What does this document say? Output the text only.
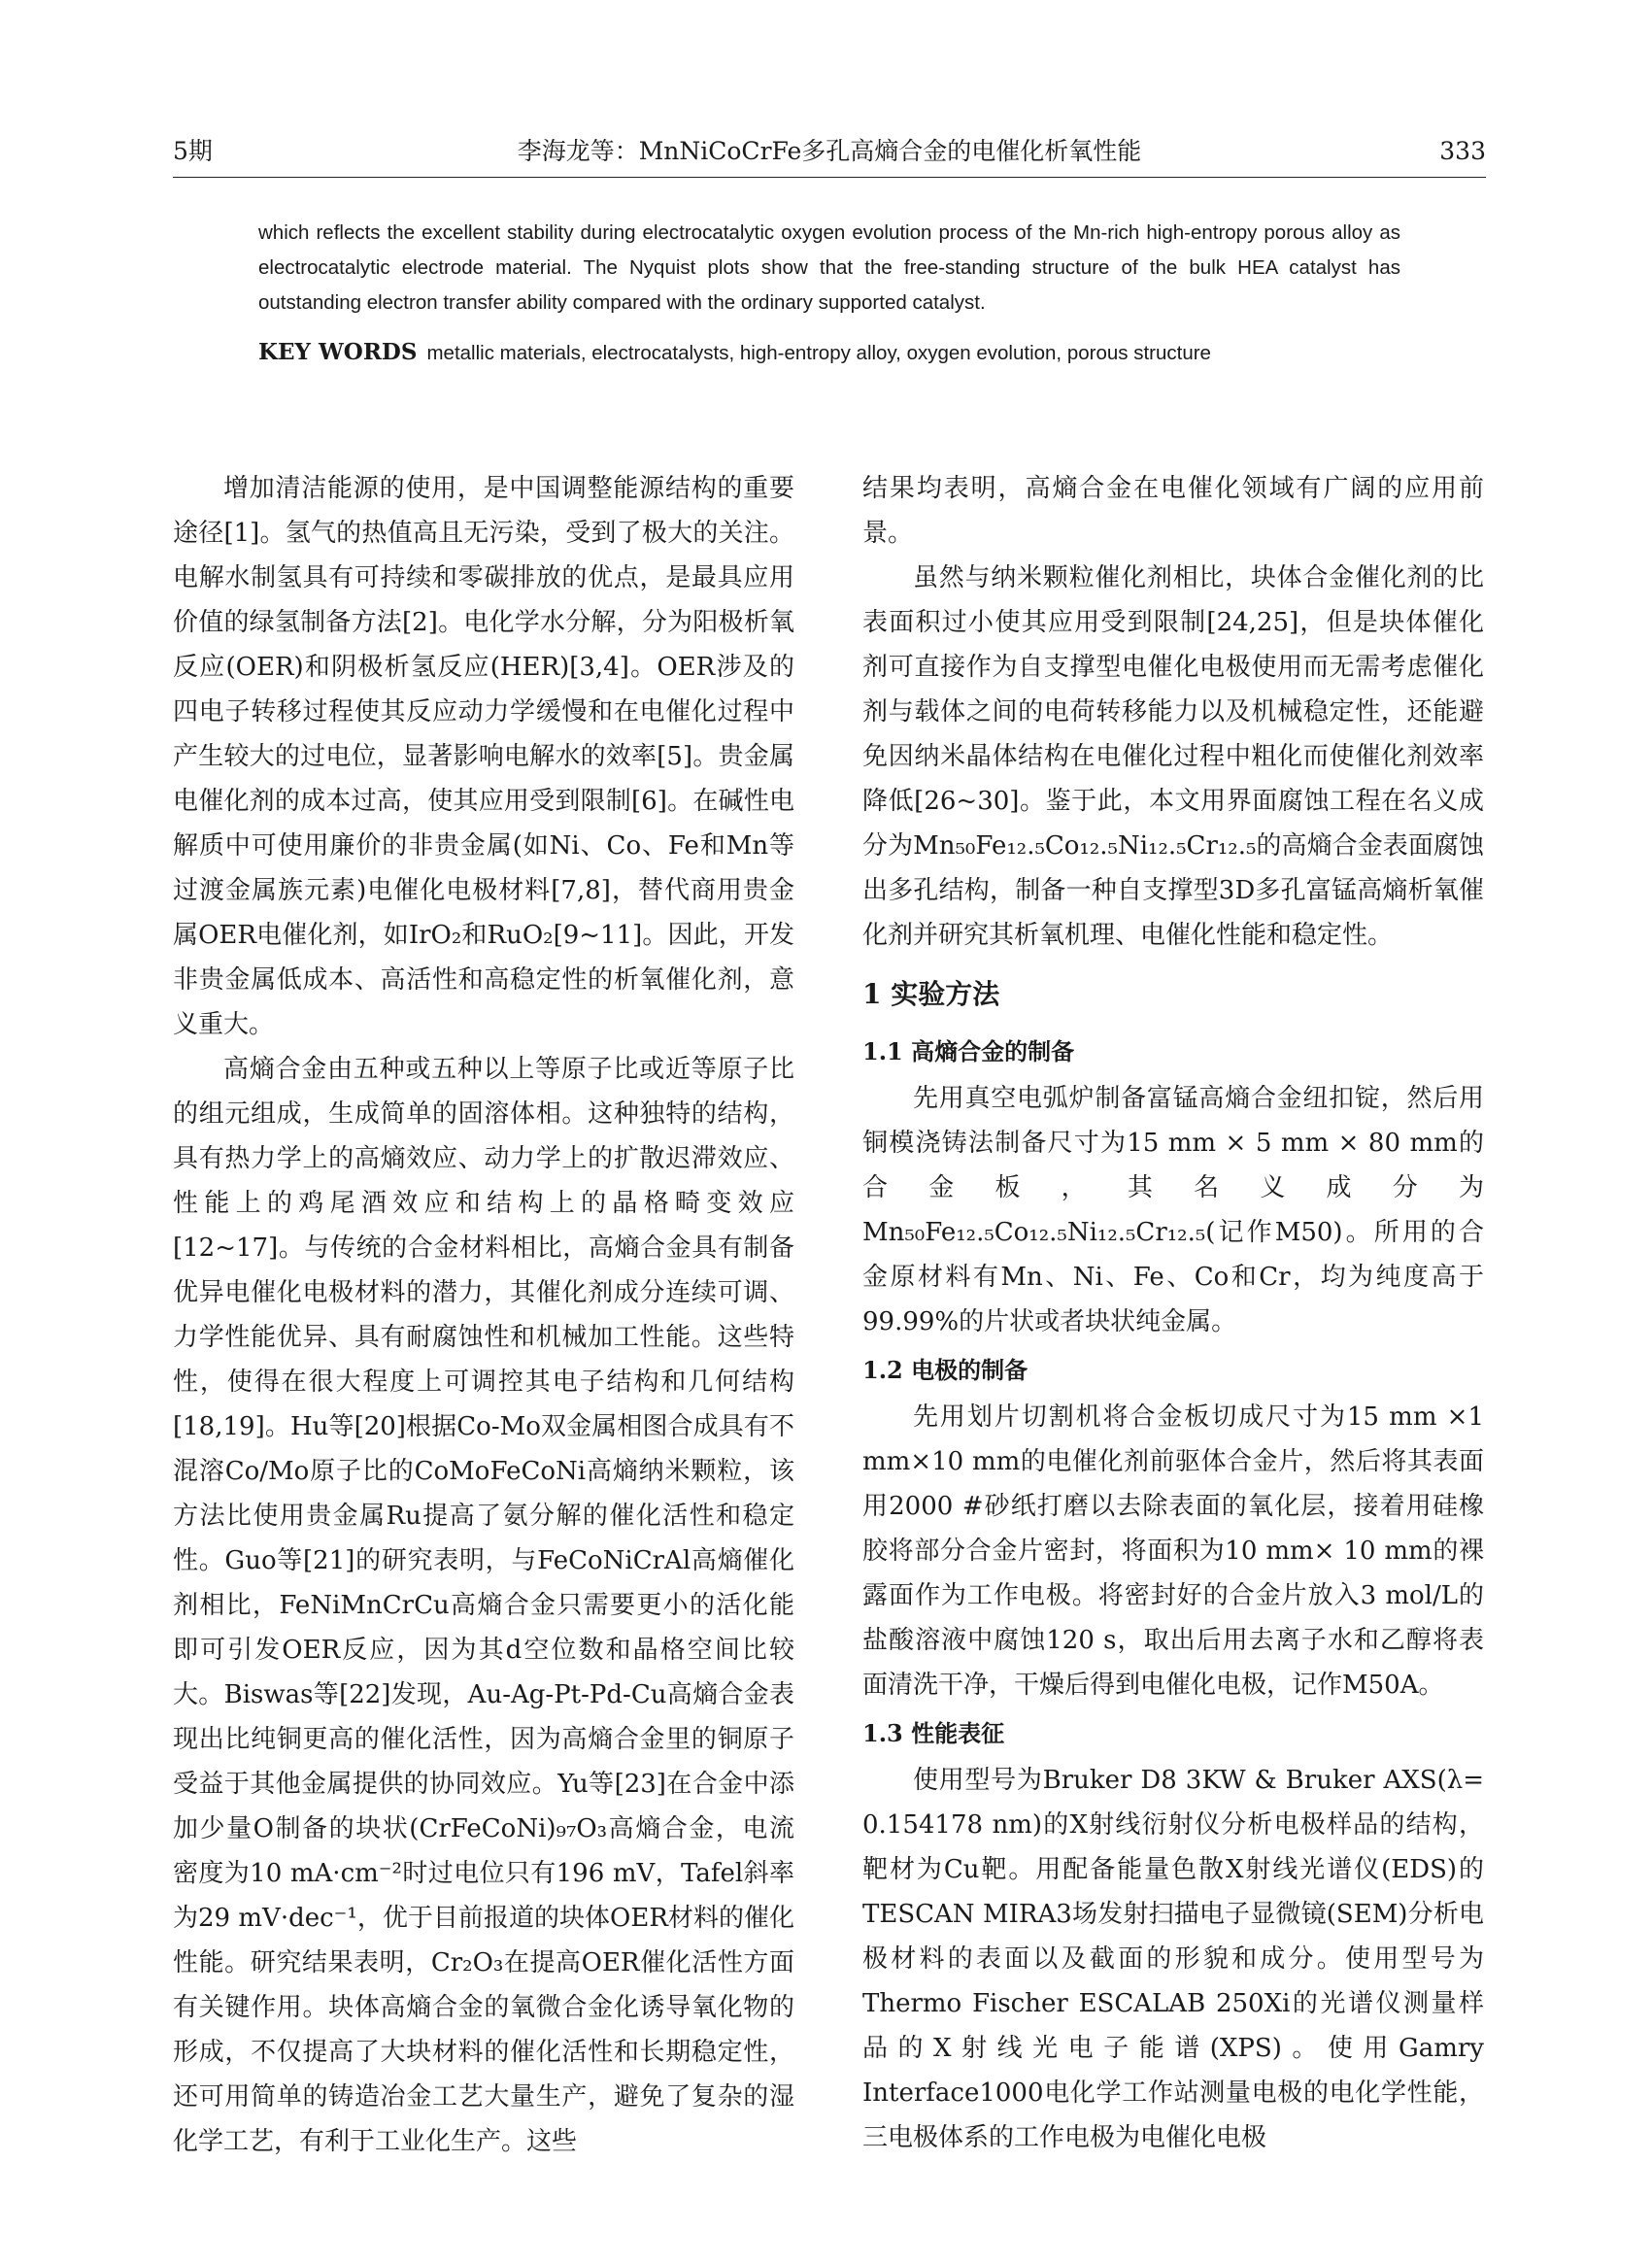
5期	李海龙等：MnNiCoCrFe多孔高熵合金的电催化析氧性能	333

which reflects the excellent stability during electrocatalytic oxygen evolution process of the Mn-rich high-entropy porous alloy as electrocatalytic electrode material. The Nyquist plots show that the free-standing structure of the bulk HEA catalyst has outstanding electron transfer ability compared with the ordinary supported catalyst.

KEY WORDS metallic materials, electrocatalysts, high-entropy alloy, oxygen evolution, porous structure

增加清洁能源的使用，是中国调整能源结构的重要途径[1]。氢气的热值高且无污染，受到了极大的关注。电解水制氢具有可持续和零碳排放的优点，是最具应用价值的绿氢制备方法[2]。电化学水分解，分为阳极析氧反应(OER)和阴极析氢反应(HER)[3,4]。OER涉及的四电子转移过程使其反应动力学缓慢和在电催化过程中产生较大的过电位，显著影响电解水的效率[5]。贵金属电催化剂的成本过高，使其应用受到限制[6]。在碱性电解质中可使用廉价的非贵金属(如Ni、Co、Fe和Mn等过渡金属族元素)电催化电极材料[7,8]，替代商用贵金属OER电催化剂，如IrO₂和RuO₂[9~11]。因此，开发非贵金属低成本、高活性和高稳定性的析氧催化剂，意义重大。

高熵合金由五种或五种以上等原子比或近等原子比的组元组成，生成简单的固溶体相。这种独特的结构，具有热力学上的高熵效应、动力学上的扩散迟滞效应、性能上的鸡尾酒效应和结构上的晶格畸变效应[12~17]。与传统的合金材料相比，高熵合金具有制备优异电催化电极材料的潜力，其催化剂成分连续可调、力学性能优异、具有耐腐蚀性和机械加工性能。这些特性，使得在很大程度上可调控其电子结构和几何结构[18,19]。Hu等[20]根据Co-Mo双金属相图合成具有不混溶Co/Mo原子比的CoMoFeCoNi高熵纳米颗粒，该方法比使用贵金属Ru提高了氨分解的催化活性和稳定性。Guo等[21]的研究表明，与FeCoNiCrAl高熵催化剂相比，FeNiMnCrCu高熵合金只需要更小的活化能即可引发OER反应，因为其d空位数和晶格空间比较大。Biswas等[22]发现，Au-Ag-Pt-Pd-Cu高熵合金表现出比纯铜更高的催化活性，因为高熵合金里的铜原子受益于其他金属提供的协同效应。Yu等[23]在合金中添加少量O制备的块状(CrFeCoNi)₉₇O₃高熵合金，电流密度为10 mA·cm⁻²时过电位只有196 mV，Tafel斜率为29 mV·dec⁻¹，优于目前报道的块体OER材料的催化性能。研究结果表明，Cr₂O₃在提高OER催化活性方面有关键作用。块体高熵合金的氧微合金化诱导氧化物的形成，不仅提高了大块材料的催化活性和长期稳定性，还可用简单的铸造冶金工艺大量生产，避免了复杂的湿化学工艺，有利于工业化生产。这些

结果均表明，高熵合金在电催化领域有广阔的应用前景。

虽然与纳米颗粒催化剂相比，块体合金催化剂的比表面积过小使其应用受到限制[24,25]，但是块体催化剂可直接作为自支撑型电催化电极使用而无需考虑催化剂与载体之间的电荷转移能力以及机械稳定性，还能避免因纳米晶体结构在电催化过程中粗化而使催化剂效率降低[26~30]。鉴于此，本文用界面腐蚀工程在名义成分为Mn₅₀Fe₁₂.₅Co₁₂.₅Ni₁₂.₅Cr₁₂.₅的高熵合金表面腐蚀出多孔结构，制备一种自支撑型3D多孔富锰高熵析氧催化剂并研究其析氧机理、电催化性能和稳定性。

1 实验方法
1.1 高熵合金的制备

先用真空电弧炉制备富锰高熵合金纽扣锭，然后用铜模浇铸法制备尺寸为15 mm × 5 mm × 80 mm的合金板，其名义成分为Mn₅₀Fe₁₂.₅Co₁₂.₅Ni₁₂.₅Cr₁₂.₅(记作M50)。所用的合金原材料有Mn、Ni、Fe、Co和Cr，均为纯度高于99.99%的片状或者块状纯金属。

1.2 电极的制备

先用划片切割机将合金板切成尺寸为15 mm ×1 mm×10 mm的电催化剂前驱体合金片，然后将其表面用2000 #砂纸打磨以去除表面的氧化层，接着用硅橡胶将部分合金片密封，将面积为10 mm× 10 mm的裸露面作为工作电极。将密封好的合金片放入3 mol/L的盐酸溶液中腐蚀120 s，取出后用去离子水和乙醇将表面清洗干净，干燥后得到电催化电极，记作M50A。

1.3 性能表征

使用型号为Bruker D8 3KW & Bruker AXS(λ= 0.154178 nm)的X射线衍射仪分析电极样品的结构，靶材为Cu靶。用配备能量色散X射线光谱仪(EDS)的TESCAN MIRA3场发射扫描电子显微镜(SEM)分析电极材料的表面以及截面的形貌和成分。使用型号为Thermo Fischer ESCALAB 250Xi的光谱仪测量样品的X射线光电子能谱(XPS)。使用Gamry Interface1000电化学工作站测量电极的电化学性能，三电极体系的工作电极为电催化电极
